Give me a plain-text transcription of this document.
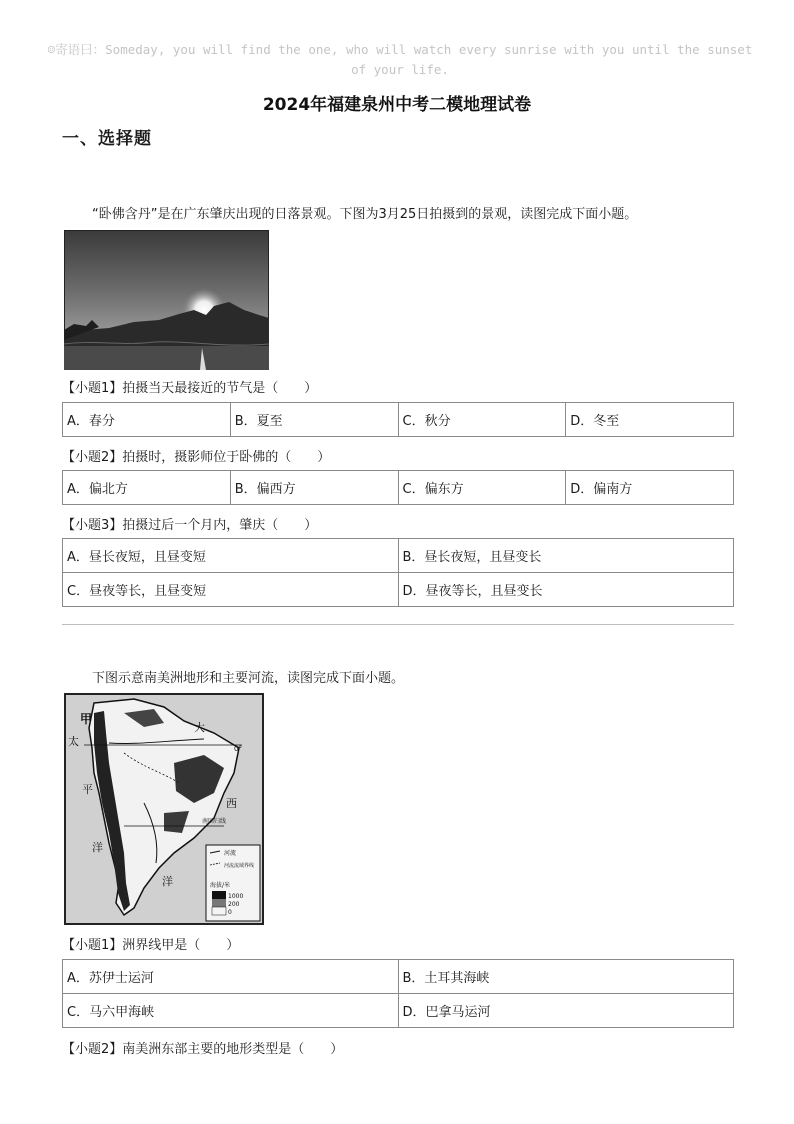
☺寄语曰：Someday, you will find the one, who will watch every sunrise with you until the sunset
of your life.
2024年福建泉州中考二模地理试卷
一、选择题
“卧佛含丹”是在广东肇庆出现的日落景观。下图为3月25日拍摄到的景观，读图完成下面小题。
【小题1】拍摄当天最接近的节气是（　　）
A．春分	B．夏至	C．秋分	D．冬至
【小题2】拍摄时，摄影师位于卧佛的（　　）
A．偏北方	B．偏西方	C．偏东方	D．偏南方
【小题3】拍摄过后一个月内，肇庆（　　）
A．昼长夜短，且昼变短	B．昼长夜短，且昼变长
C．昼夜等长，且昼变短	D．昼夜等长，且昼变长
下图示意南美洲地形和主要河流，读图完成下面小题。
甲
太
平
洋
大
西
洋
0°
南回归线
河流
河流流域界线
海拔/米
1000
200
0
【小题1】洲界线甲是（　　）
A．苏伊士运河	B．土耳其海峡
C．马六甲海峡	D．巴拿马运河
【小题2】南美洲东部主要的地形类型是（　　）
